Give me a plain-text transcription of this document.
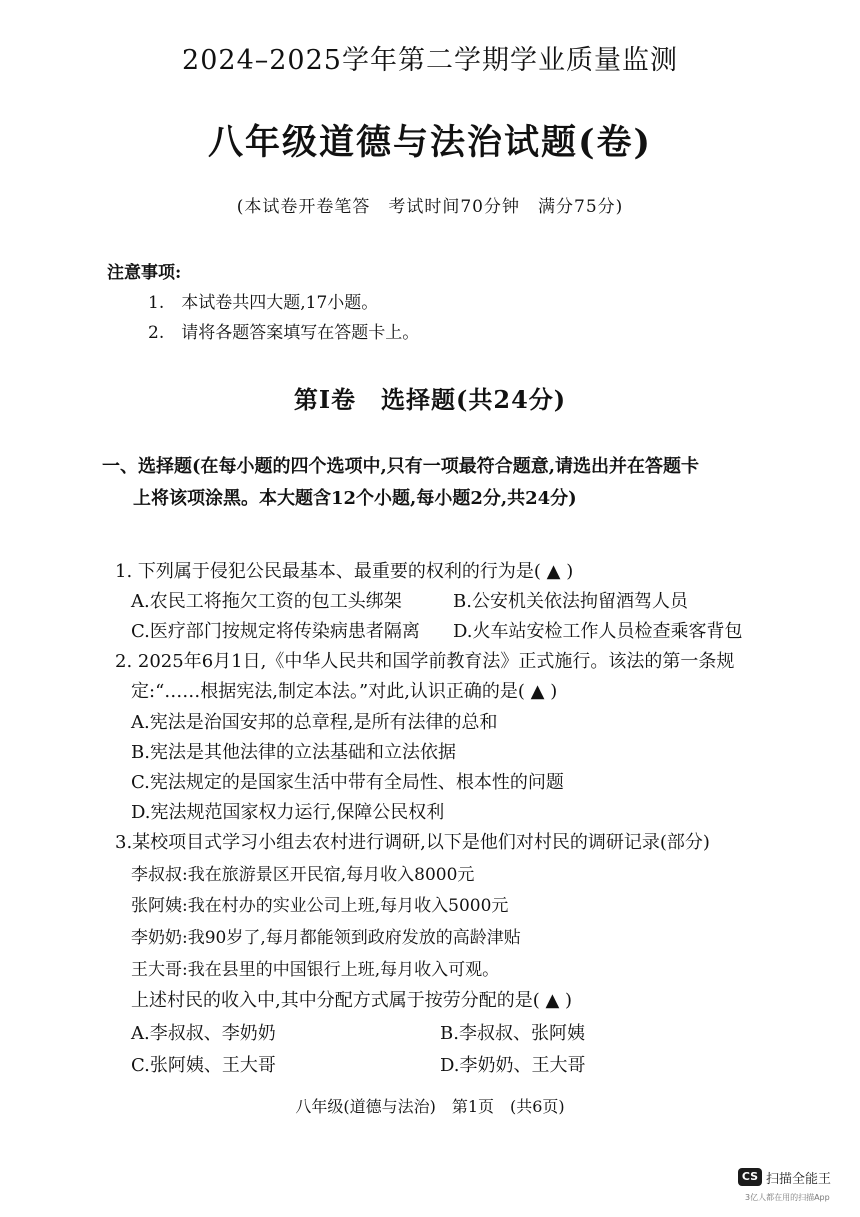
2024–2025学年第二学期学业质量监测
八年级道德与法治试题(卷)
(本试卷开卷笔答　考试时间70分钟　满分75分)
注意事项:
1.　本试卷共四大题,17小题。
2.　请将各题答案填写在答题卡上。
第Ⅰ卷　选择题(共24分)
一、选择题(在每小题的四个选项中,只有一项最符合题意,请选出并在答题卡
上将该项涂黑。本大题含12个小题,每小题2分,共24分)
1. 下列属于侵犯公民最基本、最重要的权利的行为是( ▲ )
A.农民工将拖欠工资的包工头绑架	B.公安机关依法拘留酒驾人员
C.医疗部门按规定将传染病患者隔离 D.火车站安检工作人员检查乘客背包
2. 2025年6月1日,《中华人民共和国学前教育法》正式施行。该法的第一条规
定:“……根据宪法,制定本法。”对此,认识正确的是( ▲ )
A.宪法是治国安邦的总章程,是所有法律的总和
B.宪法是其他法律的立法基础和立法依据
C.宪法规定的是国家生活中带有全局性、根本性的问题
D.宪法规范国家权力运行,保障公民权利
3.某校项目式学习小组去农村进行调研,以下是他们对村民的调研记录(部分)
李叔叔:我在旅游景区开民宿,每月收入8000元
张阿姨:我在村办的实业公司上班,每月收入5000元
李奶奶:我90岁了,每月都能领到政府发放的高龄津贴
王大哥:我在县里的中国银行上班,每月收入可观。
上述村民的收入中,其中分配方式属于按劳分配的是( ▲ )
A.李叔叔、李奶奶	B.李叔叔、张阿姨
C.张阿姨、王大哥	D.李奶奶、王大哥
八年级(道德与法治)　第1页　(共6页)
CS 扫描全能王
3亿人都在用的扫描App
